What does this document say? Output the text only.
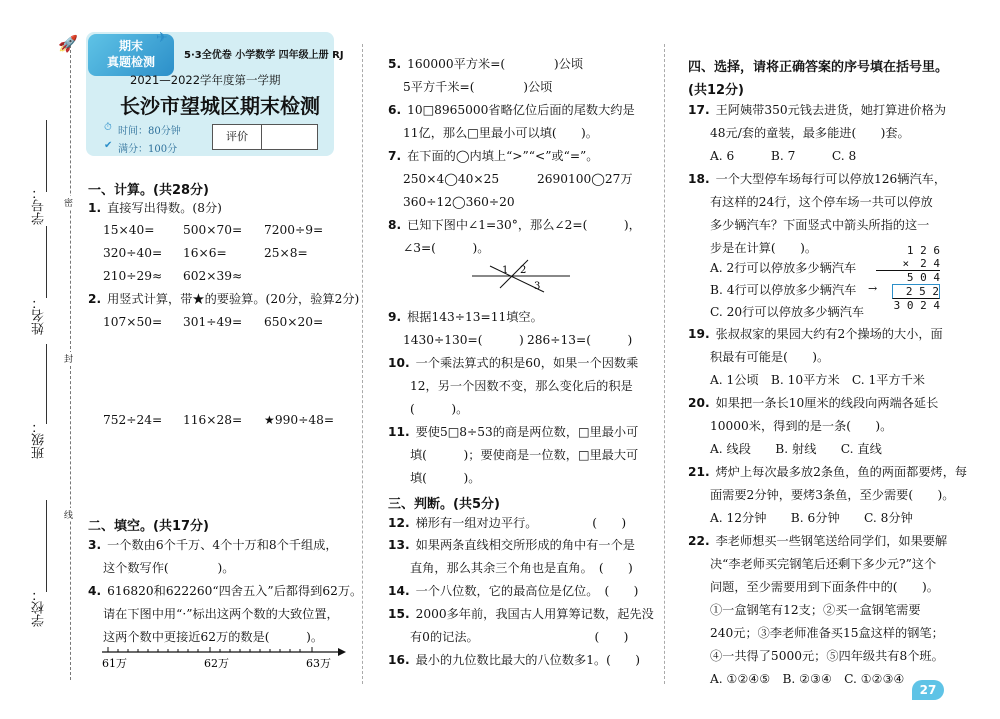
学号：
姓名：
班级：
学校：
密
封
线
🚀	期末
真题检测
✈
5·3全优卷 小学数学 四年级上册 RJ
2021—2022学年度第一学期
长沙市望城区期末检测
⏱ 时间：80分钟
✔ 满分：100分
评价
一、计算。(共28分)
1. 直接写出得数。(8分)
15×40= 500×70= 7200÷9=
320÷40= 16×6=	25×8=
210÷29≈ 602×39≈
2. 用竖式计算，带★的要验算。(20分，验算2分)
107×50= 301÷49= 650×20=
752÷24= 116×28= ★990÷48=
二、填空。(共17分)
3. 一个数由6个千万、4个十万和8个千组成，
这个数写作(　　　　)。
4. 616820和622260“四舍五入”后都得到62万。
请在下图中用“·”标出这两个数的大致位置，
这两个数中更接近62万的数是(　　　)。
5. 160000平方米=(　　　　)公顷
5平方千米=(　　　　)公顷
6. 10□8965000省略亿位后面的尾数大约是
11亿，那么□里最小可以填(　　)。
7. 在下面的◯内填上“>”“<”或“=”。
250×4◯40×25	2690100◯27万
360÷12◯360÷20
8. 已知下图中∠1=30°，那么∠2=(　　　)，
∠3=(　　　)。
9. 根据143÷13=11填空。
1430÷130=(　　　) 286÷13=(　　　)
10. 一个乘法算式的积是60，如果一个因数乘
12，另一个因数不变，那么变化后的积是
(　　　)。
11. 要使5□8÷53的商是两位数，□里最小可
填(　　　)；要使商是一位数，□里最大可
填(　　　)。
三、判断。(共5分)
12. 梯形有一组对边平行。　　　　　(　　)
13. 如果两条直线相交所形成的角中有一个是
直角，那么其余三个角也是直角。　(　　)
14. 一个八位数，它的最高位是亿位。　(　　)
15. 2000多年前，我国古人用算筹记数，起先没
有0的记法。　　　　　　　　　　(　　)
16. 最小的九位数比最大的八位数多1。(　　)
四、选择，请将正确答案的序号填在括号里。
(共12分)
17. 王阿姨带350元钱去进货，她打算进价格为
48元/套的童装，最多能进(　　)套。
A. 6　　　B. 7　　　C. 8
18. 一个大型停车场每行可以停放126辆汽车，
有这样的24行，这个停车场一共可以停放
多少辆汽车？下面竖式中箭头所指的这一
步是在计算(　　)。
A. 2行可以停放多少辆汽车
B. 4行可以停放多少辆汽车
C. 20行可以停放多少辆汽车
19. 张叔叔家的果园大约有2个操场的大小，面
积最有可能是(　　)。
A. 1公顷　B. 10平方米　C. 1平方千米
20. 如果把一条长10厘米的线段向两端各延长
10000米，得到的是一条(　　)。
A. 线段　　B. 射线　　C. 直线
21. 烤炉上每次最多放2条鱼，鱼的两面都要烤，每
面需要2分钟，要烤3条鱼，至少需要(　　)。
A. 12分钟　　B. 6分钟　　C. 8分钟
22. 李老师想买一些钢笔送给同学们，如果要解
决“李老师买完钢笔后还剩下多少元?”这个
问题，至少需要用到下面条件中的(　　)。
①一盒钢笔有12支；②买一盒钢笔需要
240元；③李老师准备买15盒这样的钢笔；
④一共得了5000元；⑤四年级共有8个班。
A. ①②④⑤　B. ②③④　C. ①②③④
61万	62万	63万
1 2
3
1 2 6
×　2 4
5 0 4
2 5 2
3 0 2 4
→
27
